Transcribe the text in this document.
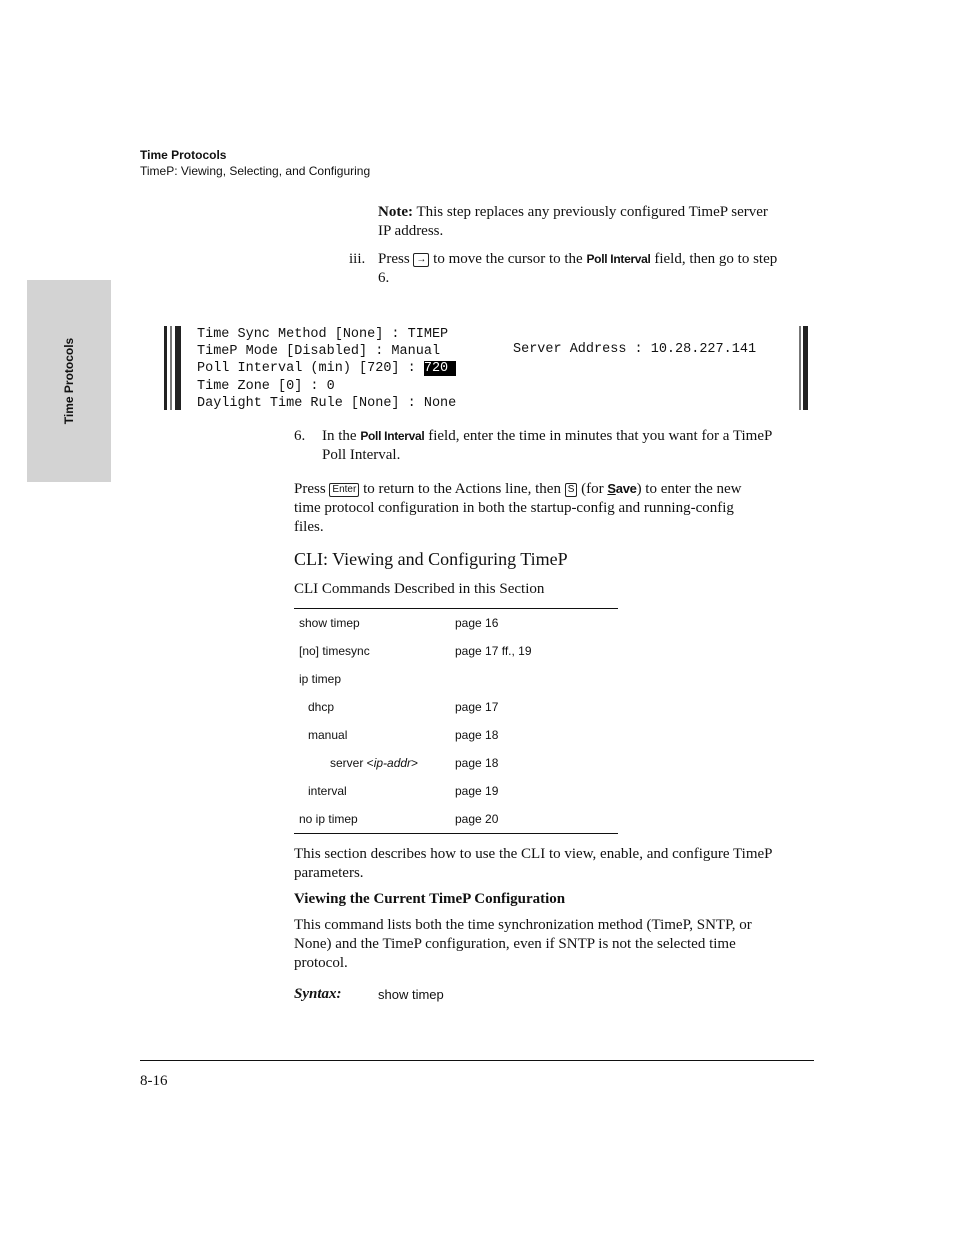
Time Protocols
TimeP: Viewing, Selecting, and Configuring
Time Protocols
Note: This step replaces any previously configured TimeP server
IP address.
iii. Press → to move the cursor to the Poll Interval field, then go to step
6.
Time Sync Method [None] : TIMEP
TimeP Mode [Disabled] : Manual
Poll Interval (min) [720] : 720
Time Zone [0] : 0
Daylight Time Rule [None] : None
Server Address : 10.28.227.141
6. In the Poll Interval field, enter the time in minutes that you want for a TimeP
Poll Interval.
Press Enter to return to the Actions line, then S (for Save) to enter the new
time protocol configuration in both the startup-config and running-config
files.
CLI: Viewing and Configuring TimeP
CLI Commands Described in this Section
show timep	page 16
[no] timesync	page 17 ff., 19
ip timep
dhcp	page 17
manual	page 18
server <ip-addr>	page 18
interval	page 19
no ip timep	page 20
This section describes how to use the CLI to view, enable, and configure TimeP
parameters.
Viewing the Current TimeP Configuration
This command lists both the time synchronization method (TimeP, SNTP, or
None) and the TimeP configuration, even if SNTP is not the selected time
protocol.
Syntax:	show timep
8-16
